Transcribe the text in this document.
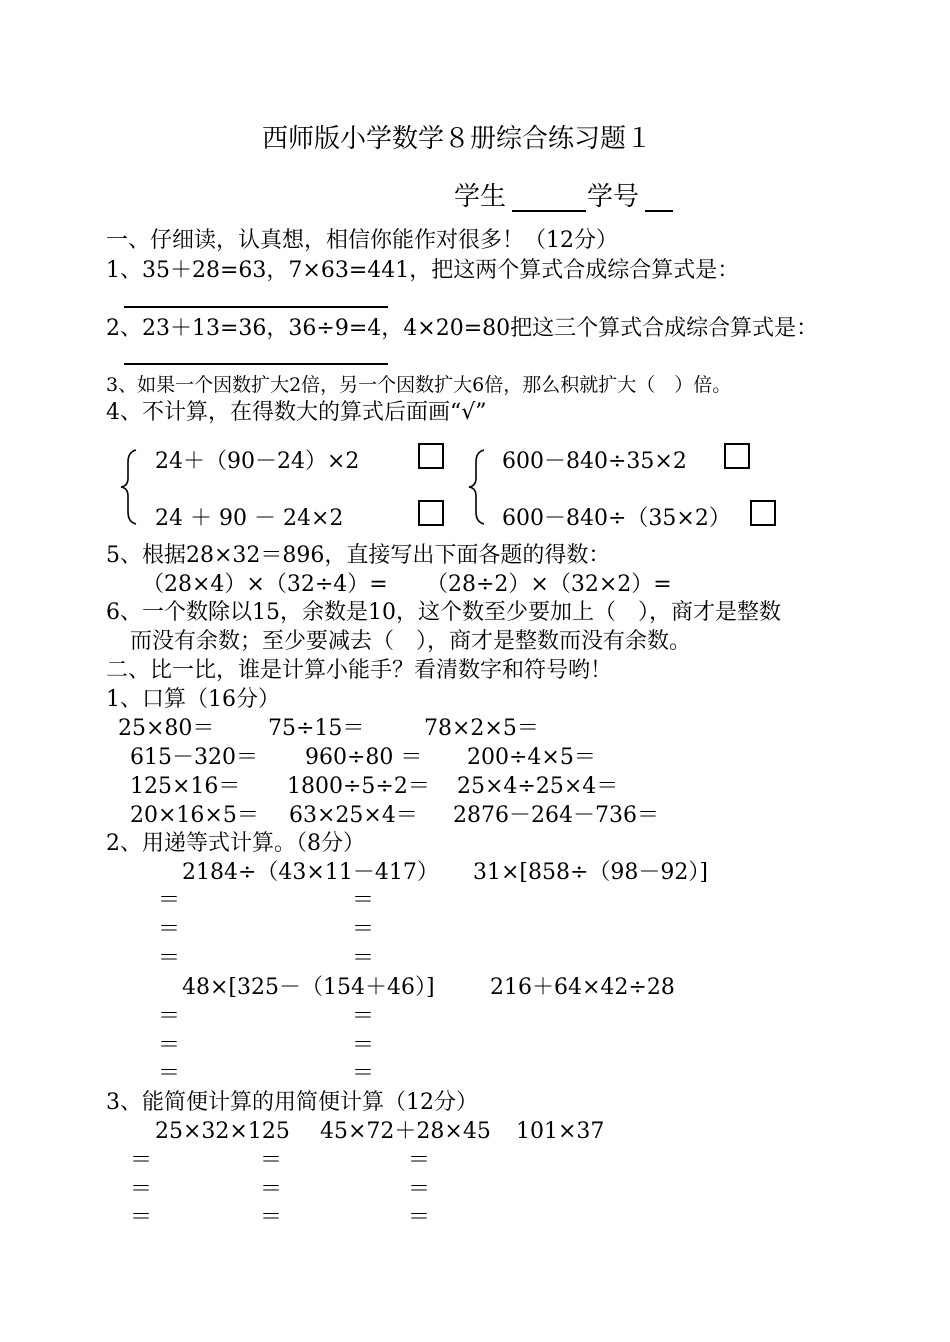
西师版小学数学８册综合练习题１
学生	学号
一、仔细读，认真想，相信你能作对很多！（12分）
1、35＋28=63，7×63=441，把这两个算式合成综合算式是：
2、23＋13=36，36÷9=4，4×20=80把这三个算式合成综合算式是：
3、如果一个因数扩大2倍，另一个因数扩大6倍，那么积就扩大（　）倍。
4、不计算，在得数大的算式后面画“√”
24＋（90－24）×2
24 ＋ 90 － 24×2
600－840÷35×2
600－840÷（35×2）
5、根据28×32＝896，直接写出下面各题的得数：
（28×4）×（32÷4）= （28÷2）×（32×2）=
6、一个数除以15，余数是10，这个数至少要加上（　），商才是整数
而没有余数；至少要减去（　），商才是整数而没有余数。
二、比一比，谁是计算小能手？看清数字和符号哟！
1、口算（16分）
25×80＝ 75÷15＝	78×2×5＝
615－320＝ 960÷80 ＝ 200÷4×5＝
125×16＝ 1800÷5÷2＝ 25×4÷25×4＝
20×16×5＝ 63×25×4＝ 2876－264－736＝
2、用递等式计算。（8分）
2184÷（43×11－417） 31×[858÷（98－92）]
＝	＝
＝	＝
＝	＝
48×[325－（154＋46）]	216＋64×42÷28
＝	＝
＝	＝
＝	＝
3、能简便计算的用简便计算（12分）
25×32×125 45×72＋28×45 101×37
＝	＝	＝
＝	＝	＝
＝	＝	＝
